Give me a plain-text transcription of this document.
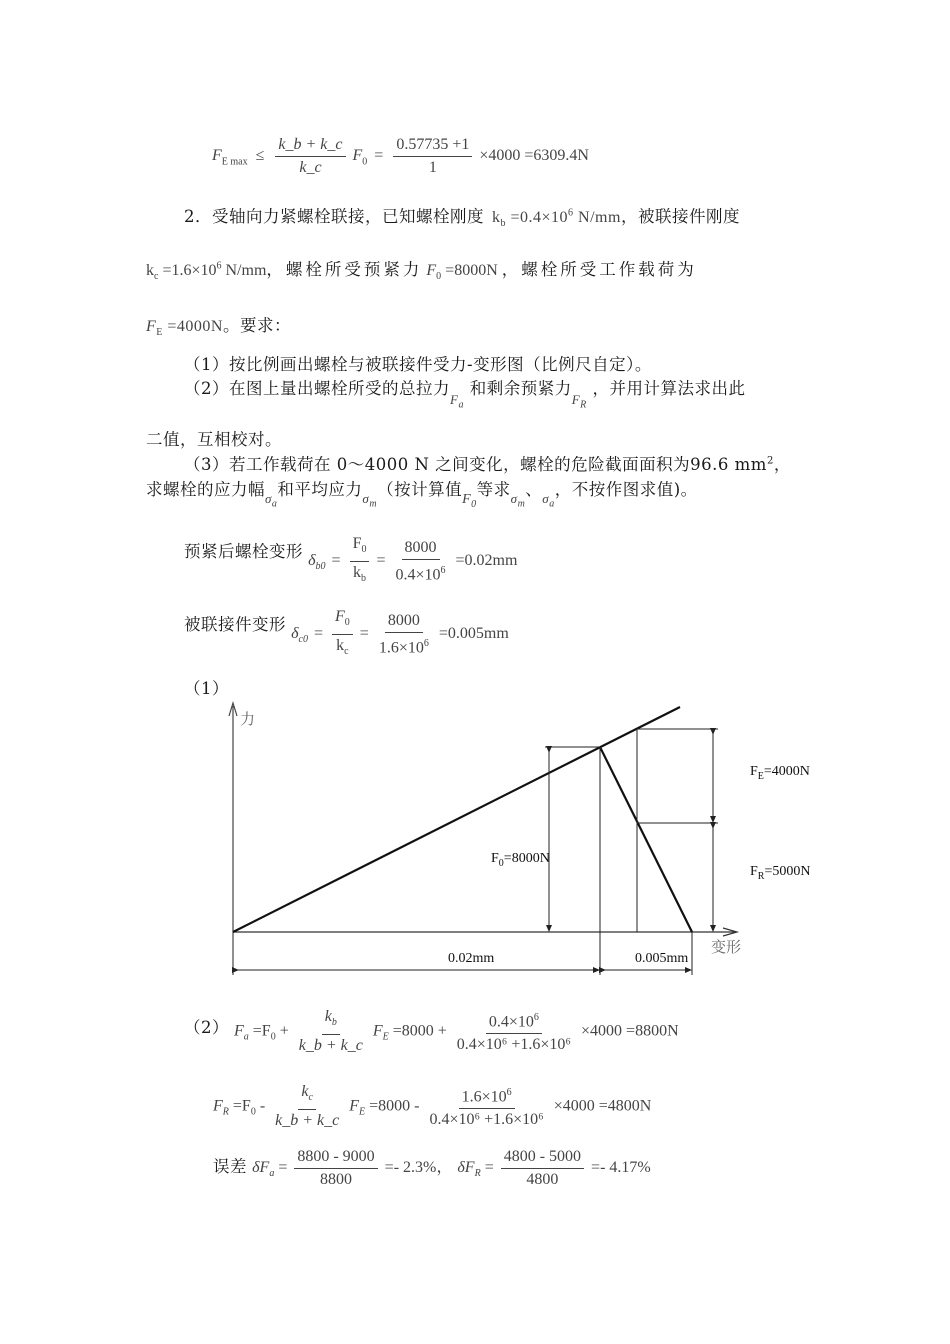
$F_{E max} \le \frac{k\_b + k\_c}{k\_c} F_0 = \frac{0.57735 +1}{1} \times 4000 =6309.4N$
2．受轴向力紧螺栓联接，已知螺栓刚度 $k_b =0.4\times 10^6$ N/mm，被联接件刚度
$k_c =1.6\times 10^6$ N/mm，螺栓所受预紧力 $F_0 =8000N$ ，螺栓所受工作载荷为
$F_E =4000N$。要求：
（1）按比例画出螺栓与被联接件受力-变形图（比例尺自定）。
（2）在图上量出螺栓所受的总拉力$_{F_a}$ 和剩余预紧力$_{F_R}$ ，并用计算法求出此
二值，互相校对。
（3）若工作载荷在 0～4000 N 之间变化，螺栓的危险截面面积为96.6 $mm^2$，
求螺栓的应力幅$_{\sigma_a}$和平均应力$_{\sigma_m}$（按计算值$_{F_0}$等求$_{\sigma_m}$、$_{\sigma_a}$，不按作图求值)。
预紧后螺栓变形 $\delta_{b0} = \frac{F_0}{k_b} = \frac{8000}{0.4\times 10^6} =0.02mm$
被联接件变形 $\delta_{c0} = \frac{F_0}{k_c} = \frac{8000}{1.6\times 10^6} =0.005mm$
（1）
力
变形
$F_E=4000N$
$F_R=5000N$
$F_0=8000N$
0.02mm	0.005mm
（2） $F_a =F_0 + \frac{k_b}{k\_b + k\_c} F_E =8000 + \frac{0.4\times 10^6}{\text{0.4×10⁶ +1.6×10⁶}} \times 4000 =8800N$
$F_R =F_0 - \frac{k_c}{k\_b + k\_c} F_E =8000 - \frac{1.6\times 10^6}{\text{0.4×10⁶ +1.6×10⁶}} \times 4000 =4800N$
误差 $\delta F_a = \frac{8800 - 9000}{8800} =- 2.3\%$， $\delta F_R = \frac{4800 - 5000}{4800} =- 4.17\%$
